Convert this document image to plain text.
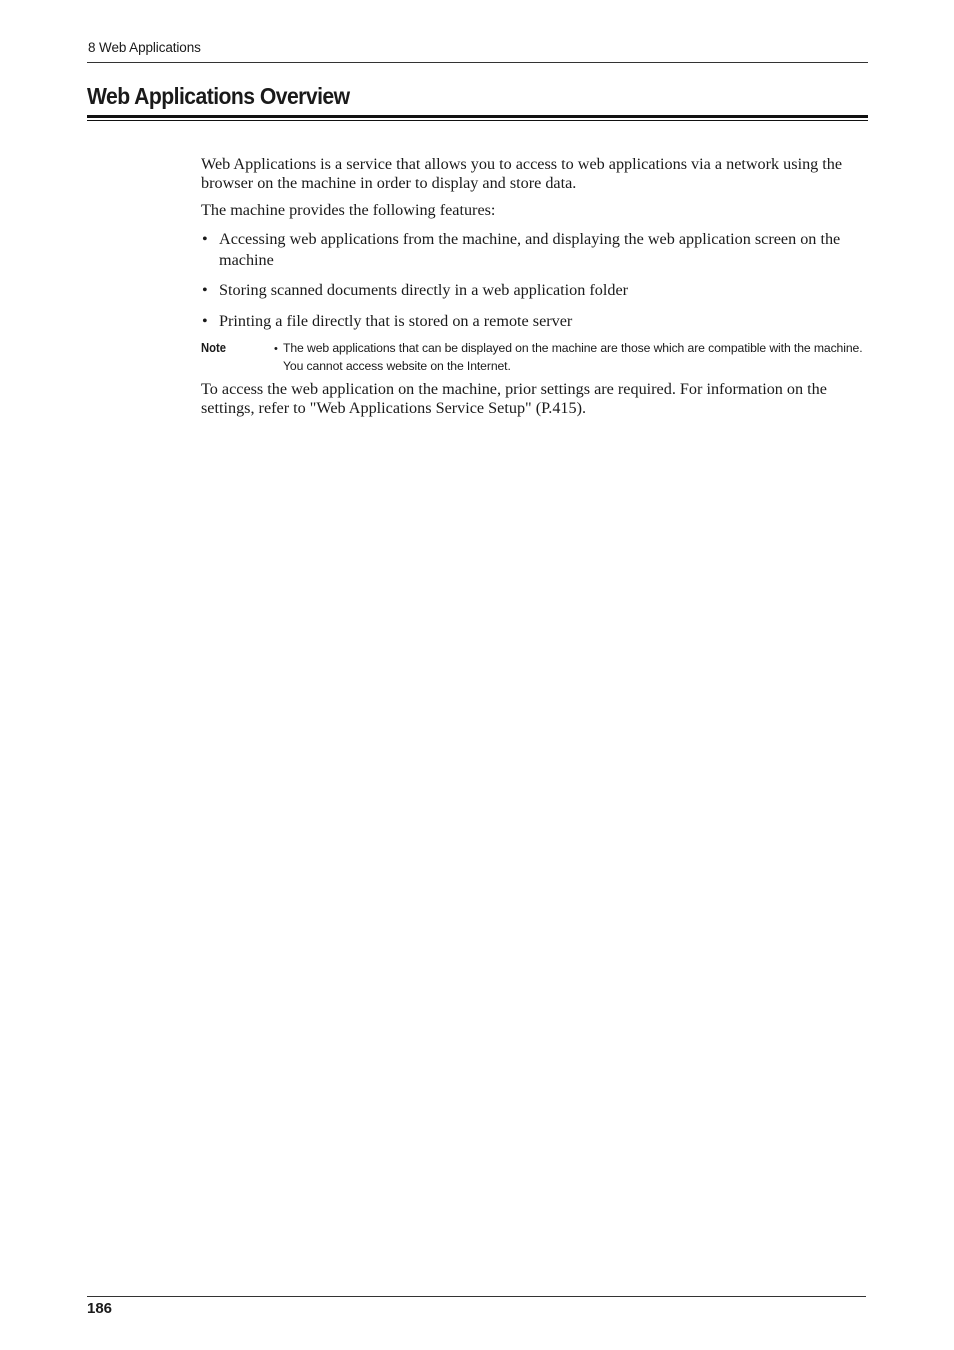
8 Web Applications
Web Applications Overview

Web Applications is a service that allows you to access to web applications via a network using the browser on the machine in order to display and store data.

The machine provides the following features:

• Accessing web applications from the machine, and displaying the web application screen on the machine

• Storing scanned documents directly in a web application folder

• Printing a file directly that is stored on a remote server

Note	• The web applications that can be displayed on the machine are those which are compatible with the machine. You cannot access website on the Internet.

To access the web application on the machine, prior settings are required. For information on the settings, refer to "Web Applications Service Setup" (P.415).

186
